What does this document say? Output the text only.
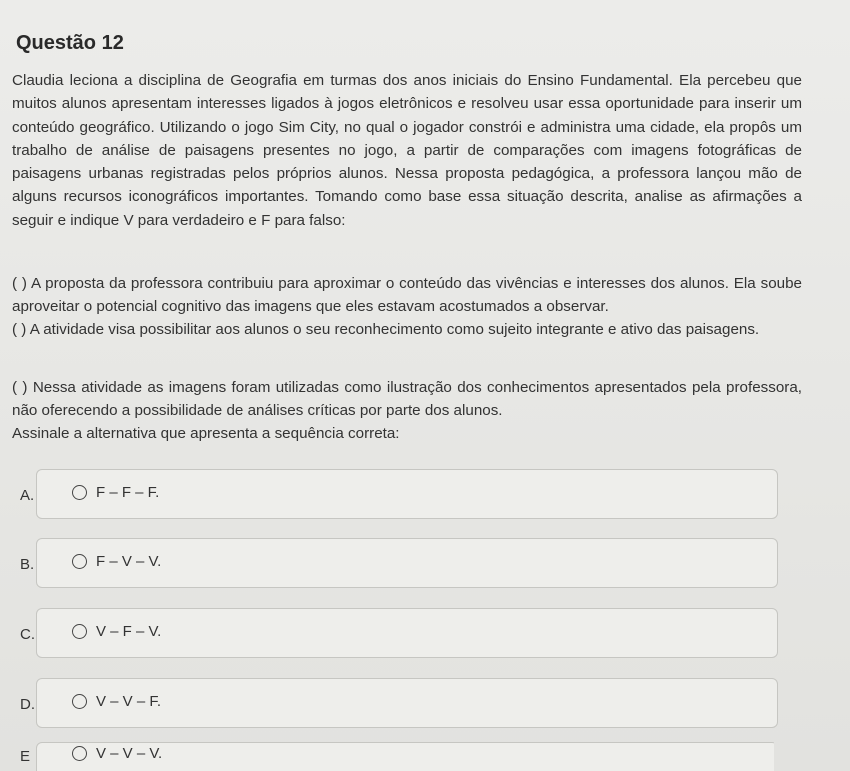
Questão 12
Claudia leciona a disciplina de Geografia em turmas dos anos iniciais do Ensino Fundamental. Ela percebeu que muitos alunos apresentam interesses ligados à jogos eletrônicos e resolveu usar essa oportunidade para inserir um conteúdo geográfico. Utilizando o jogo Sim City, no qual o jogador constrói e administra uma cidade, ela propôs um trabalho de análise de paisagens presentes no jogo, a partir de comparações com imagens fotográficas de paisagens urbanas registradas pelos próprios alunos. Nessa proposta pedagógica, a professora lançou mão de alguns recursos iconográficos importantes. Tomando como base essa situação descrita, analise as afirmações a seguir e indique V para verdadeiro e F para falso:
( ) A proposta da professora contribuiu para aproximar o conteúdo das vivências e interesses dos alunos. Ela soube aproveitar o potencial cognitivo das imagens que eles estavam acostumados a observar.
( ) A atividade visa possibilitar aos alunos o seu reconhecimento como sujeito integrante e ativo das paisagens.
( ) Nessa atividade as imagens foram utilizadas como ilustração dos conhecimentos apresentados pela professora, não oferecendo a possibilidade de análises críticas por parte dos alunos.
Assinale a alternativa que apresenta a sequência correta:
A.	F – F – F.
B.	F – V – V.
C.	V – F – V.
D.	V – V – F.
E	V – V – V.
